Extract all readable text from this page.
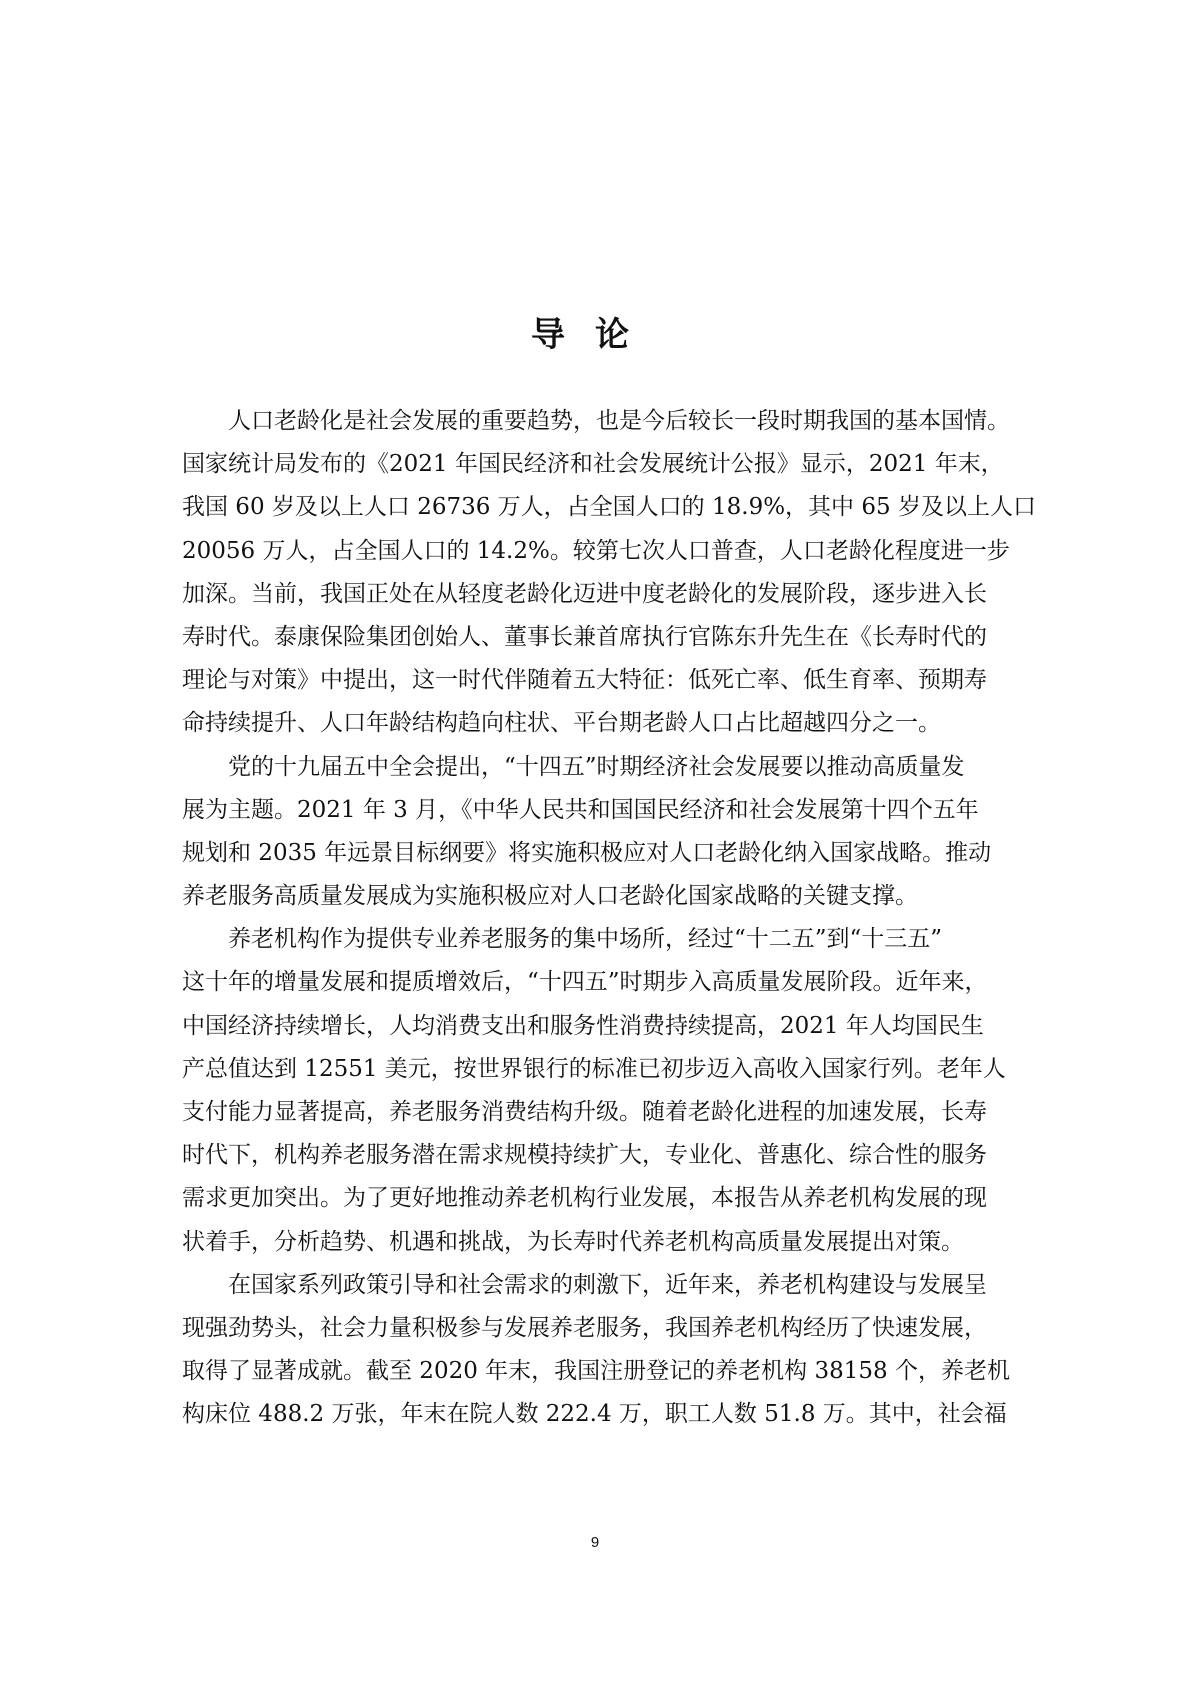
导论
人口老龄化是社会发展的重要趋势，也是今后较长一段时期我国的基本国情。
国家统计局发布的《2021 年国民经济和社会发展统计公报》显示，2021 年末，
我国 60 岁及以上人口 26736 万人，占全国人口的 18.9%，其中 65 岁及以上人口
20056 万人，占全国人口的 14.2%。较第七次人口普查，人口老龄化程度进一步
加深。当前，我国正处在从轻度老龄化迈进中度老龄化的发展阶段，逐步进入长
寿时代。泰康保险集团创始人、董事长兼首席执行官陈东升先生在《长寿时代的
理论与对策》中提出，这一时代伴随着五大特征：低死亡率、低生育率、预期寿
命持续提升、人口年龄结构趋向柱状、平台期老龄人口占比超越四分之一。
党的十九届五中全会提出，“十四五”时期经济社会发展要以推动高质量发
展为主题。2021 年 3 月，《中华人民共和国国民经济和社会发展第十四个五年
规划和 2035 年远景目标纲要》将实施积极应对人口老龄化纳入国家战略。推动
养老服务高质量发展成为实施积极应对人口老龄化国家战略的关键支撑。
养老机构作为提供专业养老服务的集中场所，经过“十二五”到“十三五”
这十年的增量发展和提质增效后，“十四五”时期步入高质量发展阶段。近年来，
中国经济持续增长，人均消费支出和服务性消费持续提高，2021 年人均国民生
产总值达到 12551 美元，按世界银行的标准已初步迈入高收入国家行列。老年人
支付能力显著提高，养老服务消费结构升级。随着老龄化进程的加速发展，长寿
时代下，机构养老服务潜在需求规模持续扩大，专业化、普惠化、综合性的服务
需求更加突出。为了更好地推动养老机构行业发展，本报告从养老机构发展的现
状着手，分析趋势、机遇和挑战，为长寿时代养老机构高质量发展提出对策。
在国家系列政策引导和社会需求的刺激下，近年来，养老机构建设与发展呈
现强劲势头，社会力量积极参与发展养老服务，我国养老机构经历了快速发展，
取得了显著成就。截至 2020 年末，我国注册登记的养老机构 38158 个，养老机
构床位 488.2 万张，年末在院人数 222.4 万，职工人数 51.8 万。其中，社会福
9
